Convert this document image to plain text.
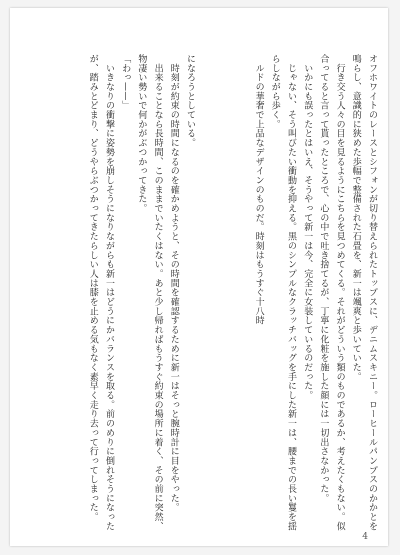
オフホワイトのレースとシフォンが切り替えられたトップスに、デニムスキニー。ローヒールパンプスのかかとを鳴らし、意識的に狭めた歩幅で整備された石畳を、新一は颯爽と歩いていた。
　行き交う人々の目を見るようにこちらを見つめてくる。それがどういう類のものであるか、考えたくもない。似合ってると言って貰ったところで、心の中で吐き捨てるが、丁寧に化粧を施した顔には一切出さなかった。
　いかにも誤ったとはいえ、そうやって新一は今、完全に女装しているのだった。
　じゃない、そう叫びたい衝動を抑える。黒のシンプルなクラッチバッグを手にした新一は、腰までの長い鬘を揺らしながら歩く。
　ルドの華奢で上品なデザインのものだ。時刻はもうすぐ十八時
になろうとしている。
　時刻が約束の時間になるのを確かめようと、その時間を確認するために新一はそっと腕時計に目をやった。
　出来ることなら長時間、このままでいたくはない。あと少し帰ればもうすぐ約束の場所に着く、その前に突然、物凄い勢いで何かがぶつかってきた。
「わっ——」
　いきなりの衝撃に姿勢を崩しそうになりながらも新一はどうにかバランスを取る。前のめりに倒れそうになったが、踏みとどまり、どうやらぶつかってきたらしい人は膝を止める気もなく素早く走り去って行ってしまった。
4
